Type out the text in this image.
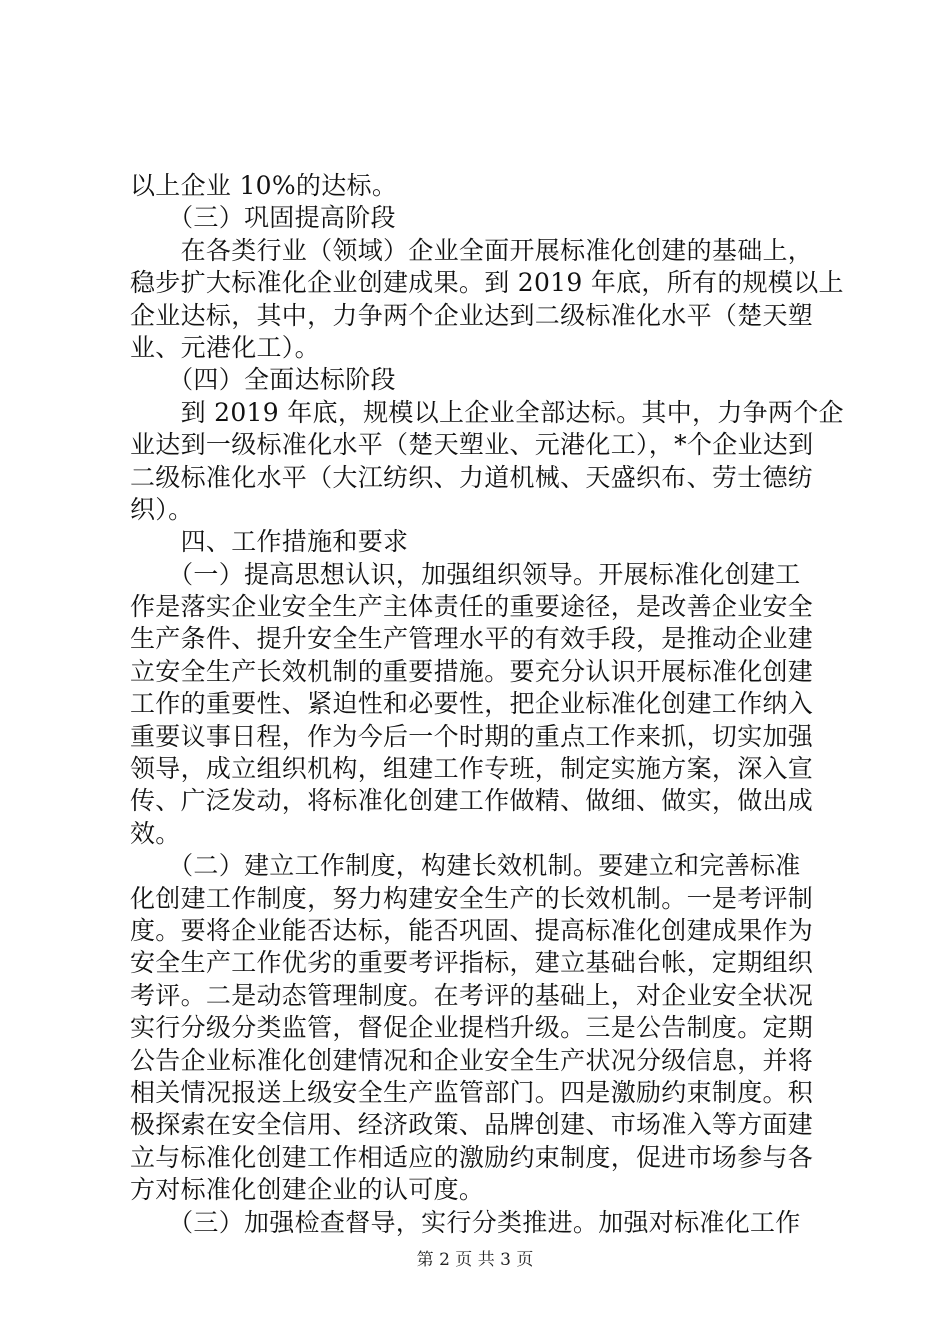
以上企业 10%的达标。
　　（三）巩固提高阶段
　　在各类行业（领域）企业全面开展标准化创建的基础上，
稳步扩大标准化企业创建成果。到 2019 年底，所有的规模以上
企业达标，其中，力争两个企业达到二级标准化水平（楚天塑
业、元港化工）。
　　（四）全面达标阶段
　　到 2019 年底，规模以上企业全部达标。其中，力争两个企
业达到一级标准化水平（楚天塑业、元港化工），*个企业达到
二级标准化水平（大江纺织、力道机械、天盛织布、劳士德纺
织）。
　　四、工作措施和要求
　　（一）提高思想认识，加强组织领导。开展标准化创建工
作是落实企业安全生产主体责任的重要途径，是改善企业安全
生产条件、提升安全生产管理水平的有效手段，是推动企业建
立安全生产长效机制的重要措施。要充分认识开展标准化创建
工作的重要性、紧迫性和必要性，把企业标准化创建工作纳入
重要议事日程，作为今后一个时期的重点工作来抓，切实加强
领导，成立组织机构，组建工作专班，制定实施方案，深入宣
传、广泛发动，将标准化创建工作做精、做细、做实，做出成
效。
　　（二）建立工作制度，构建长效机制。要建立和完善标准
化创建工作制度，努力构建安全生产的长效机制。一是考评制
度。要将企业能否达标，能否巩固、提高标准化创建成果作为
安全生产工作优劣的重要考评指标，建立基础台帐，定期组织
考评。二是动态管理制度。在考评的基础上，对企业安全状况
实行分级分类监管，督促企业提档升级。三是公告制度。定期
公告企业标准化创建情况和企业安全生产状况分级信息，并将
相关情况报送上级安全生产监管部门。四是激励约束制度。积
极探索在安全信用、经济政策、品牌创建、市场准入等方面建
立与标准化创建工作相适应的激励约束制度，促进市场参与各
方对标准化创建企业的认可度。
　　（三）加强检查督导，实行分类推进。加强对标准化工作
第 2 页 共 3 页
